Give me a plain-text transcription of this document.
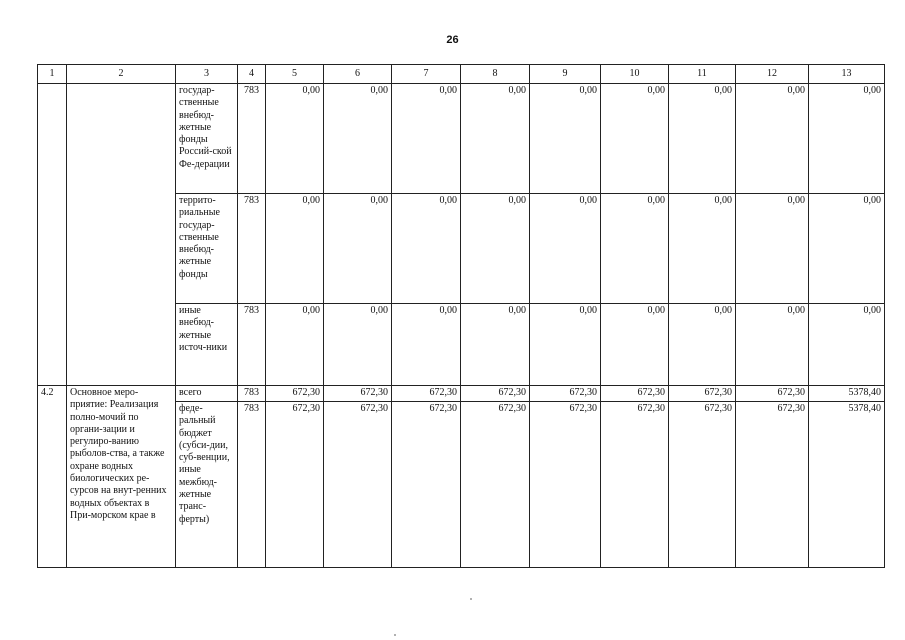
26
1	2	3	4	5	6	7	8	9	10	11	12	13
		государ-ственные внебюд-жетные фонды Россий-ской Фе-дерации	783	0,00	0,00	0,00	0,00	0,00	0,00	0,00	0,00	0,00
		террито-риальные государ-ственные внебюд-жетные фонды	783	0,00	0,00	0,00	0,00	0,00	0,00	0,00	0,00	0,00
		иные внебюд-жетные источ-ники	783	0,00	0,00	0,00	0,00	0,00	0,00	0,00	0,00	0,00
4.2	Основное меро-приятие: Реализация полно-мочий по органи-зации и регулиро-ванию рыболов-ства, а также охране водных биологических ре-сурсов на внут-ренних водных объектах в При-морском крае в	всего	783	672,30	672,30	672,30	672,30	672,30	672,30	672,30	672,30	5378,40
		феде-ральный бюджет (субси-дии, суб-венции, иные межбюд-жетные транс-ферты)	783	672,30	672,30	672,30	672,30	672,30	672,30	672,30	672,30	5378,40
